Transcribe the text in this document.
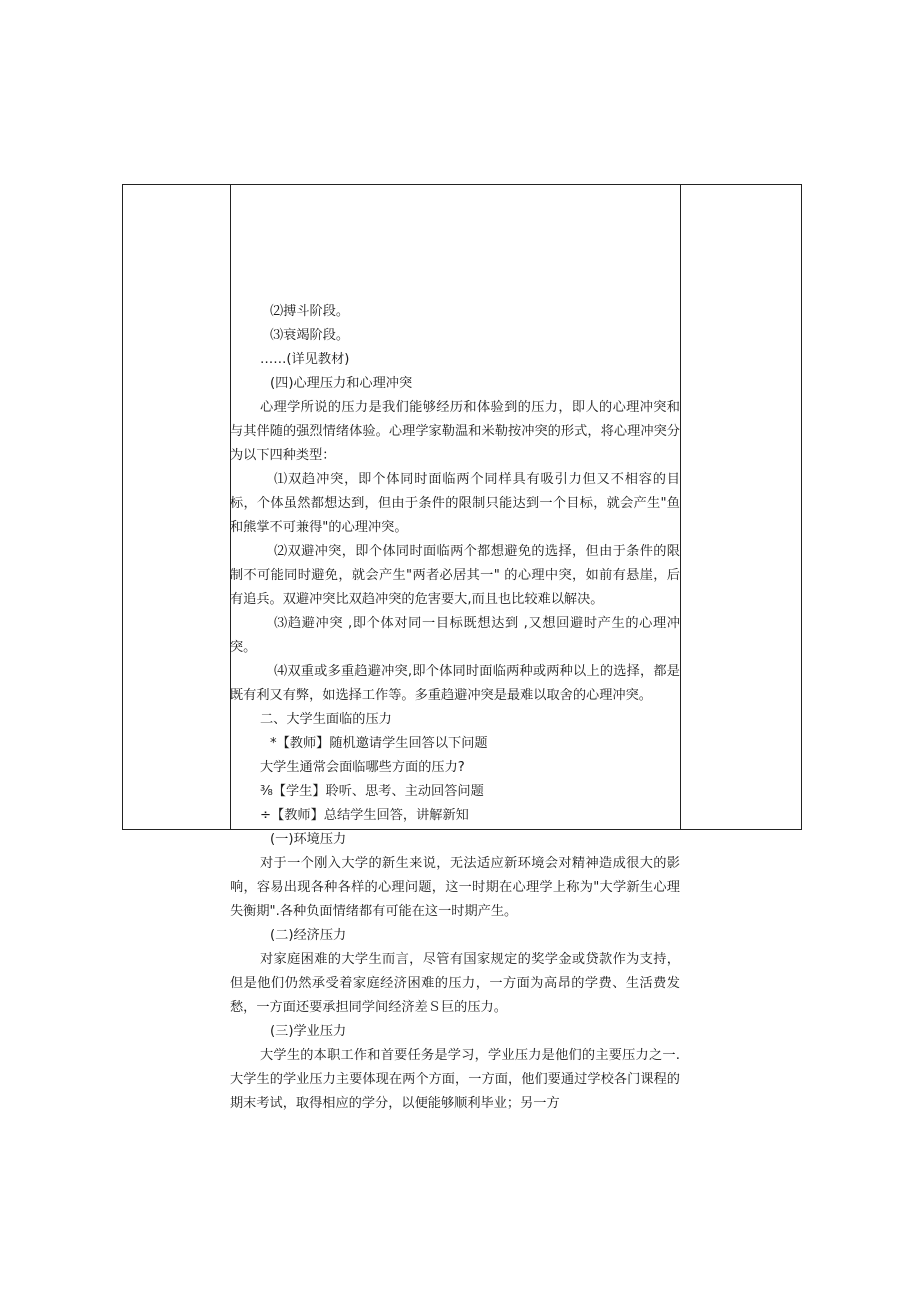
⑵搏斗阶段。

⑶衰竭阶段。

……(详见教材)

(四)心理压力和心理冲突

心理学所说的压力是我们能够经历和体验到的压力，即人的心理冲突和与其伴随的强烈情绪体验。心理学家勒温和米勒按冲突的形式，将心理冲突分为以下四种类型：

⑴双趋冲突，即个体同时面临两个同样具有吸引力但又不相容的目标，个体虽然都想达到，但由于条件的限制只能达到一个目标，就会产生"鱼和熊掌不可兼得"的心理冲突。

⑵双避冲突，即个体同时面临两个都想避免的选择，但由于条件的限制不可能同时避免，就会产生"两者必居其一" 的心理中突，如前有悬崖，后有追兵。双避冲突比双趋冲突的危害要大,而且也比较难以解决。

⑶趋避冲突 ,即个体对同一目标既想达到 ,又想回避时产生的心理冲突。

⑷双重或多重趋避冲突,即个体同时面临两种或两种以上的选择，都是既有利又有弊，如选择工作等。多重趋避冲突是最难以取舍的心理冲突。

二、大学生面临的压力

*【教师】随机邀请学生回答以下问题

大学生通常会面临哪些方面的压力?

⅜【学生】聆听、思考、主动回答问题

÷【教师】总结学生回答，讲解新知

(一)环境压力

对于一个刚入大学的新生来说，无法适应新环境会对精神造成很大的影响，容易出现各种各样的心理问题，这一时期在心理学上称为"大学新生心理失衡期".各种负面情绪都有可能在这一时期产生。

(二)经济压力

对家庭困难的大学生而言，尽管有国家规定的奖学金或贷款作为支持，但是他们仍然承受着家庭经济困难的压力，一方面为高昂的学费、生活费发愁，一方面还要承担同学间经济差Ｓ巨的压力。

(三)学业压力

大学生的本职工作和首要任务是学习，学业压力是他们的主要压力之一.大学生的学业压力主要体现在两个方面，一方面，他们要通过学校各门课程的期末考试，取得相应的学分，以便能够顺利毕业；另一方
